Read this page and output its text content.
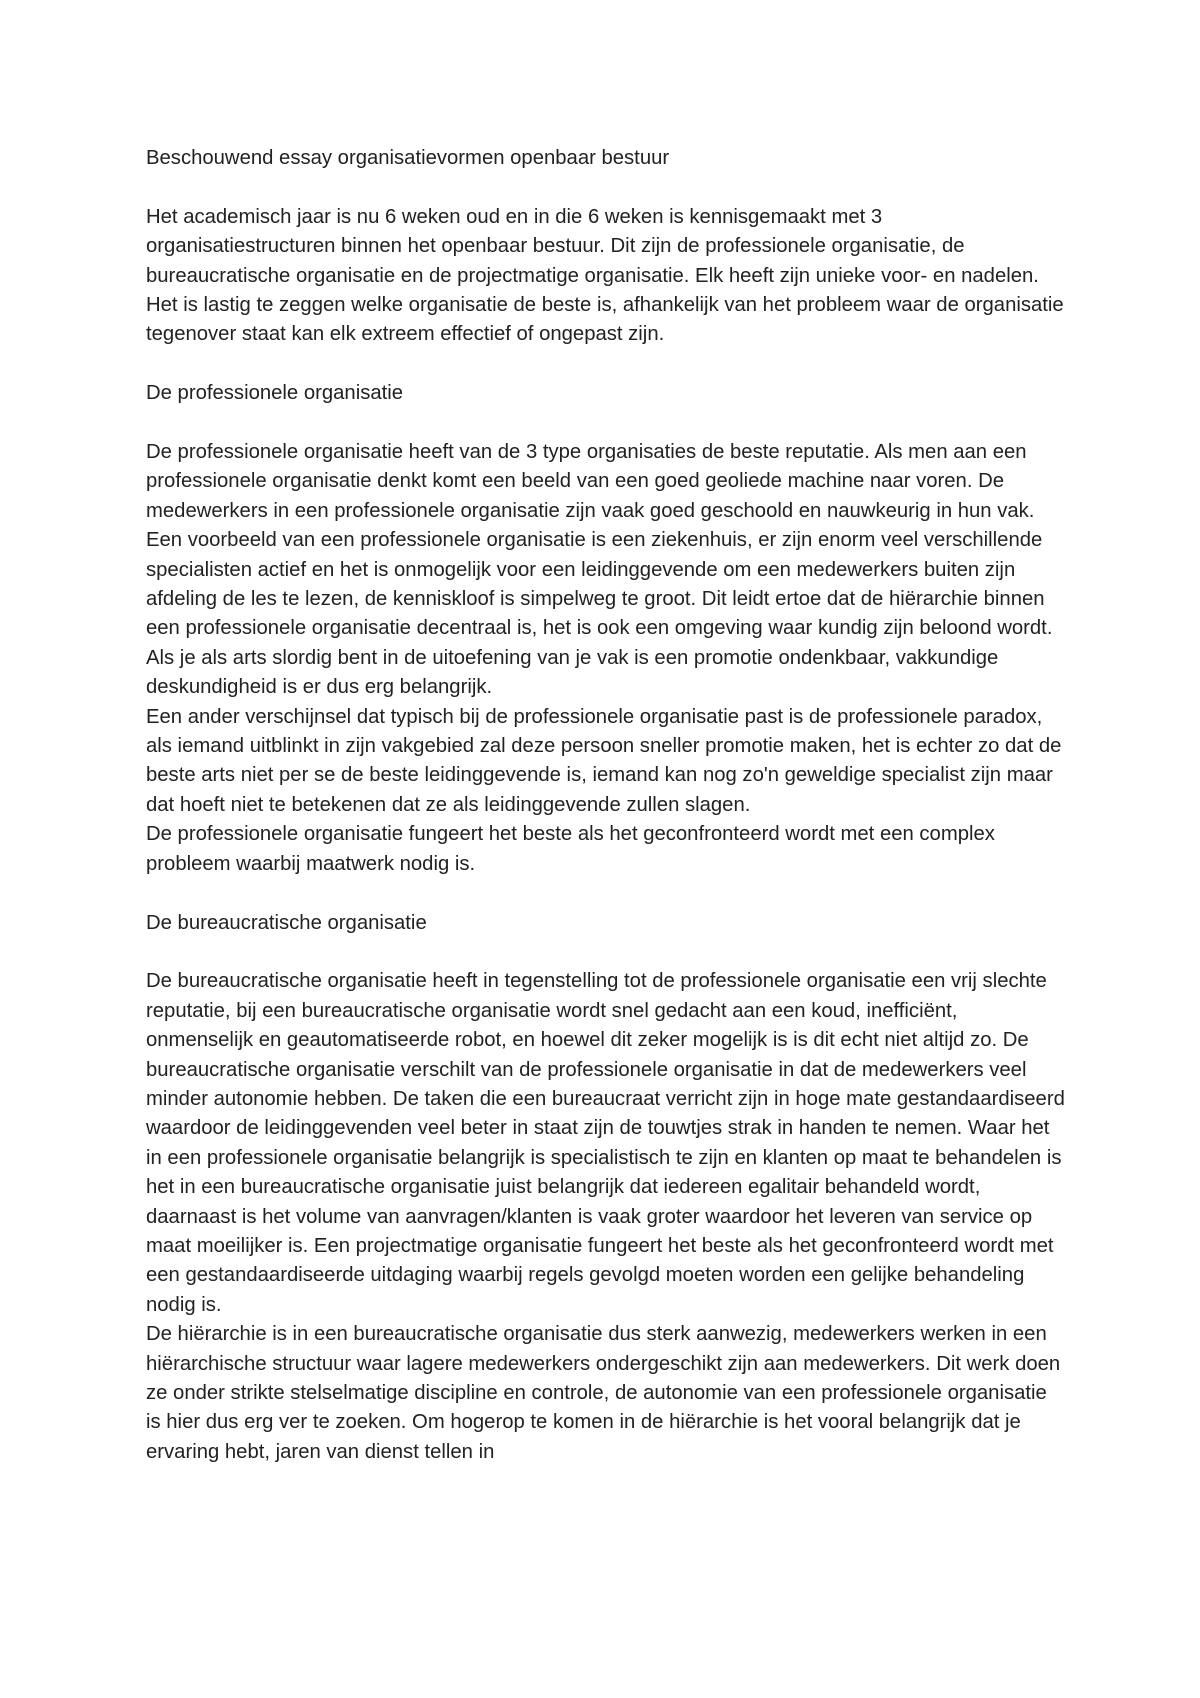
Beschouwend essay organisatievormen openbaar bestuur

Het academisch jaar is nu 6 weken oud en in die 6 weken is kennisgemaakt met 3 organisatiestructuren binnen het openbaar bestuur. Dit zijn de professionele organisatie, de bureaucratische organisatie en de projectmatige organisatie. Elk heeft zijn unieke voor- en nadelen. Het is lastig te zeggen welke organisatie de beste is, afhankelijk van het probleem waar de organisatie tegenover staat kan elk extreem effectief of ongepast zijn.

De professionele organisatie

De professionele organisatie heeft van de 3 type organisaties de beste reputatie. Als men aan een professionele organisatie denkt komt een beeld van een goed geoliede machine naar voren. De medewerkers in een professionele organisatie zijn vaak goed geschoold en nauwkeurig in hun vak. Een voorbeeld van een professionele organisatie is een ziekenhuis, er zijn enorm veel verschillende specialisten actief en het is onmogelijk voor een leidinggevende om een medewerkers buiten zijn afdeling de les te lezen, de kenniskloof is simpelweg te groot. Dit leidt ertoe dat de hiërarchie binnen een professionele organisatie decentraal is, het is ook een omgeving waar kundig zijn beloond wordt. Als je als arts slordig bent in de uitoefening van je vak is een promotie ondenkbaar, vakkundige deskundigheid is er dus erg belangrijk.

Een ander verschijnsel dat typisch bij de professionele organisatie past is de professionele paradox, als iemand uitblinkt in zijn vakgebied zal deze persoon sneller promotie maken, het is echter zo dat de beste arts niet per se de beste leidinggevende is, iemand kan nog zo'n geweldige specialist zijn maar dat hoeft niet te betekenen dat ze als leidinggevende zullen slagen.

De professionele organisatie fungeert het beste als het geconfronteerd wordt met een complex probleem waarbij maatwerk nodig is.

De bureaucratische organisatie

De bureaucratische organisatie heeft in tegenstelling tot de professionele organisatie een vrij slechte reputatie, bij een bureaucratische organisatie wordt snel gedacht aan een koud, inefficiënt, onmenselijk en geautomatiseerde robot, en hoewel dit zeker mogelijk is is dit echt niet altijd zo. De bureaucratische organisatie verschilt van de professionele organisatie in dat de medewerkers veel minder autonomie hebben. De taken die een bureaucraat verricht zijn in hoge mate gestandaardiseerd waardoor de leidinggevenden veel beter in staat zijn de touwtjes strak in handen te nemen. Waar het in een professionele organisatie belangrijk is specialistisch te zijn en klanten op maat te behandelen is het in een bureaucratische organisatie juist belangrijk dat iedereen egalitair behandeld wordt, daarnaast is het volume van aanvragen/klanten is vaak groter waardoor het leveren van service op maat moeilijker is. Een projectmatige organisatie fungeert het beste als het geconfronteerd wordt met een gestandaardiseerde uitdaging waarbij regels gevolgd moeten worden een gelijke behandeling nodig is.

De hiërarchie is in een bureaucratische organisatie dus sterk aanwezig, medewerkers werken in een hiërarchische structuur waar lagere medewerkers ondergeschikt zijn aan medewerkers. Dit werk doen ze onder strikte stelselmatige discipline en controle, de autonomie van een professionele organisatie is hier dus erg ver te zoeken. Om hogerop te komen in de hiërarchie is het vooral belangrijk dat je ervaring hebt, jaren van dienst tellen in
